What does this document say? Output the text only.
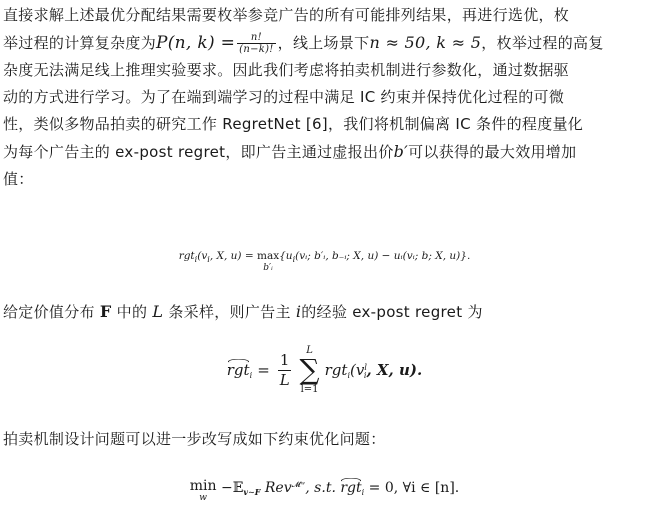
直接求解上述最优分配结果需要枚举参竞广告的所有可能排列结果，再进行选优，枚

举过程的计算复杂度为P(n, $k) = \frac{n!}{(n-k)!}$ ，线上场景下n ≈ 50, k ≈ 5，枚举过程的高复

杂度无法满足线上推理实验要求。因此我们考虑将拍卖机制进行参数化，通过数据驱

动的方式进行学习。为了在端到端学习的过程中满足 IC 约束并保持优化过程的可微

性，类似多物品拍卖的研究工作 RegretNet [6]，我们将机制偏离 IC 条件的程度量化

为每个广告主的 ex-post regret，即广告主通过虚报出价b′可以获得的最大效用增加

值：

$rgt_i(v_i$, X, u) = max
b′ᵢ
{$u_i(vᵢ$; b′ᵢ, b₋ᵢ; X, u) − uᵢ(vᵢ; b; X, u)}.

给定价值分布 F 中的 L 条采样，则广告主 i的经验 ex-post regret 为

$rgt_i = \frac{1}{L}$ L
∑
l=1 $rgt_i(v^l_i$, X, u).

拍卖机制设计问题可以进一步改写成如下约束优化问题：

min
w
−𝔼$_{v\sim F}$ Rev$^{𝓜ʷ}$, s.t. rgt$_i$ = 0, ∀i ∈ [n].
